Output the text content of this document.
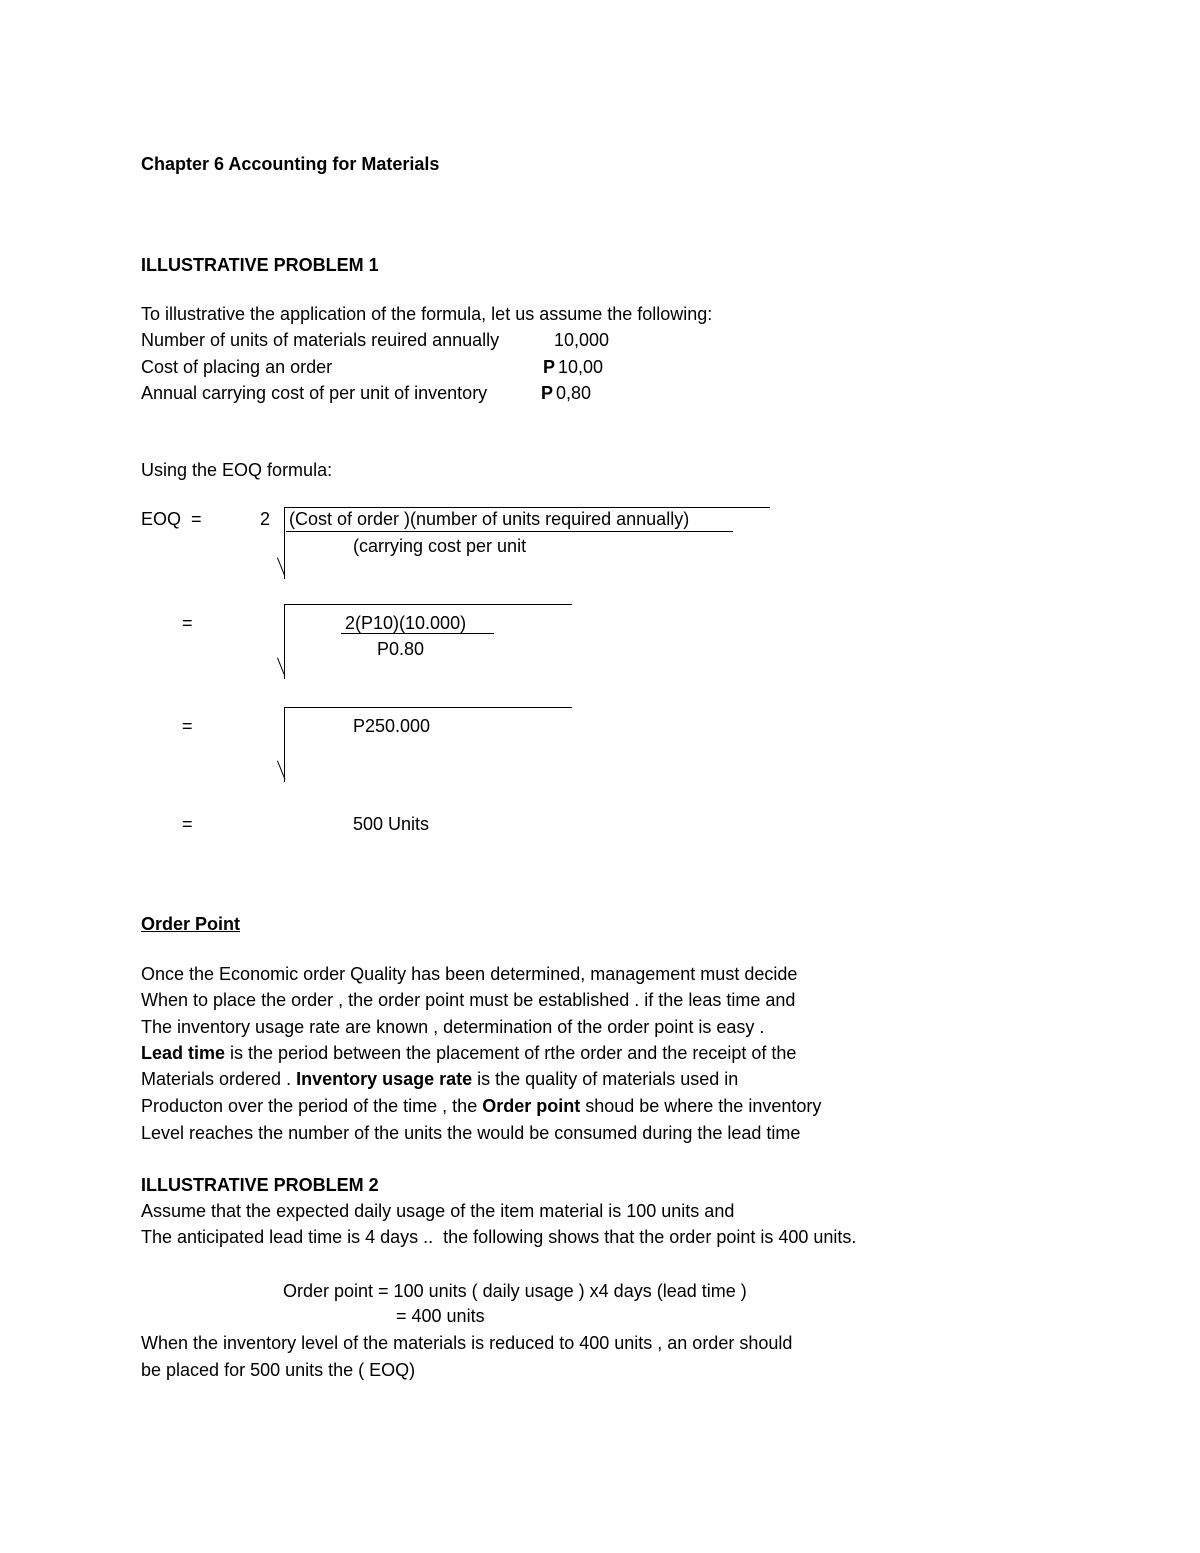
Chapter 6 Accounting for Materials
ILLUSTRATIVE PROBLEM 1
To illustrative the application of the formula, let us assume the following:
Number of units of materials reuired annually	10,000
Cost of placing an order	P 10,00
Annual carrying cost of per unit of inventory	P 0,80
Using the EOQ formula:
EOQ =	2 (Cost of order )(number of units required annually)
(carrying cost per unit
=	2(P10)(10.000)
P0.80
=	P250.000
=	500 Units
Order Point
Once the Economic order Quality has been determined, management must decide
When to place the order , the order point must be established . if the leas time and
The inventory usage rate are known , determination of the order point is easy .
Lead time is the period between the placement of rthe order and the receipt of the
Materials ordered . Inventory usage rate is the quality of materials used in
Producton over the period of the time , the Order point shoud be where the inventory
Level reaches the number of the units the would be consumed during the lead time
ILLUSTRATIVE PROBLEM 2
Assume that the expected daily usage of the item material is 100 units and
The anticipated lead time is 4 days ..  the following shows that the order point is 400 units.
Order point = 100 units ( daily usage ) x4 days (lead time )
= 400 units
When the inventory level of the materials is reduced to 400 units , an order should
be placed for 500 units the ( EOQ)
